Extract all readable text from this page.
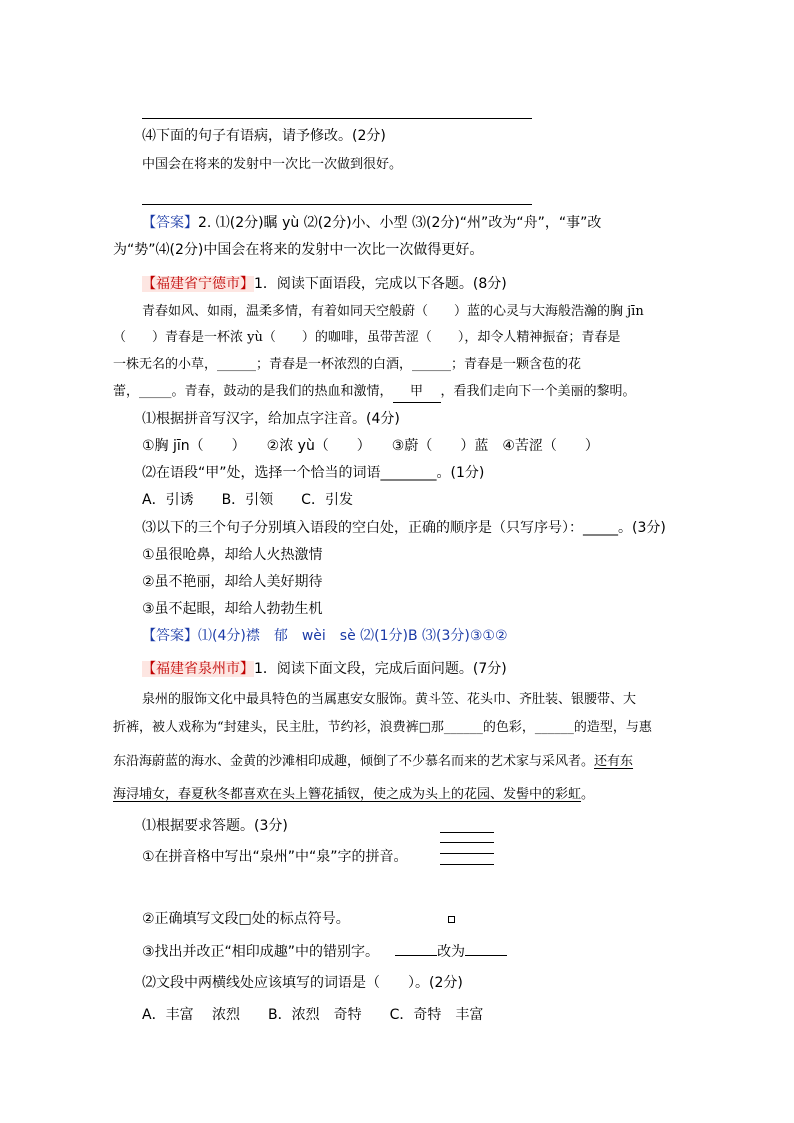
⑷下面的句子有语病，请予修改。(2分)
中国会在将来的发射中一次比一次做到很好。
【答案】2. ⑴(2分)瞩 yù ⑵(2分)小、小型 ⑶(2分)“州”改为“舟”，“事”改
为“势”⑷(2分)中国会在将来的发射中一次比一次做得更好。
【福建省宁德市】1．阅读下面语段，完成以下各题。(8分)
青春如风、如雨，温柔多情，有着如同天空般蔚（　　）蓝的心灵与大海般浩瀚的胸 jīn
（　　）青春是一杯浓 yù（　　）的咖啡，虽带苦涩（　　），却令人精神振奋；青春是
一株无名的小草，______；青春是一杯浓烈的白酒，______；青春是一颗含苞的花
蕾，_____。青春，鼓动的是我们的热血和激情， 甲 ，看我们走向下一个美丽的黎明。
⑴根据拼音写汉字，给加点字注音。(4分)
①胸 jīn（　　）　　②浓 yù（　　）　　③蔚（　　）蓝　④苦涩（　　）
⑵在语段“甲”处，选择一个恰当的词语________。(1分)
A．引诱　　B．引领　　C．引发
⑶以下的三个句子分别填入语段的空白处，正确的顺序是（只写序号）：_____。(3分)
①虽很呛鼻，却给人火热激情
②虽不艳丽，却给人美好期待
③虽不起眼，却给人勃勃生机
【答案】⑴(4分)襟　郁　wèi　sè ⑵(1分)B ⑶(3分)③①②
【福建省泉州市】1．阅读下面文段，完成后面问题。(7分)
泉州的服饰文化中最具特色的当属惠安女服饰。黄斗笠、花头巾、齐肚装、银腰带、大
折裤，被人戏称为“封建头，民主肚，节约衫，浪费裤□那______的色彩，______的造型，与惠
东沿海蔚蓝的海水、金黄的沙滩相印成趣，倾倒了不少慕名而来的艺术家与采风者。还有东
海浔埔女，春夏秋冬都喜欢在头上簪花插钗，使之成为头上的花园、发髻中的彩虹。
⑴根据要求答题。(3分)
①在拼音格中写出“泉州”中“泉”字的拼音。
②正确填写文段□处的标点符号。
③找出并改正“相印成趣”中的错别字。	改为
⑵文段中两横线处应该填写的词语是（　　）。(2分)
A．丰富　 浓烈　　B．浓烈　奇特　　C．奇特　丰富
